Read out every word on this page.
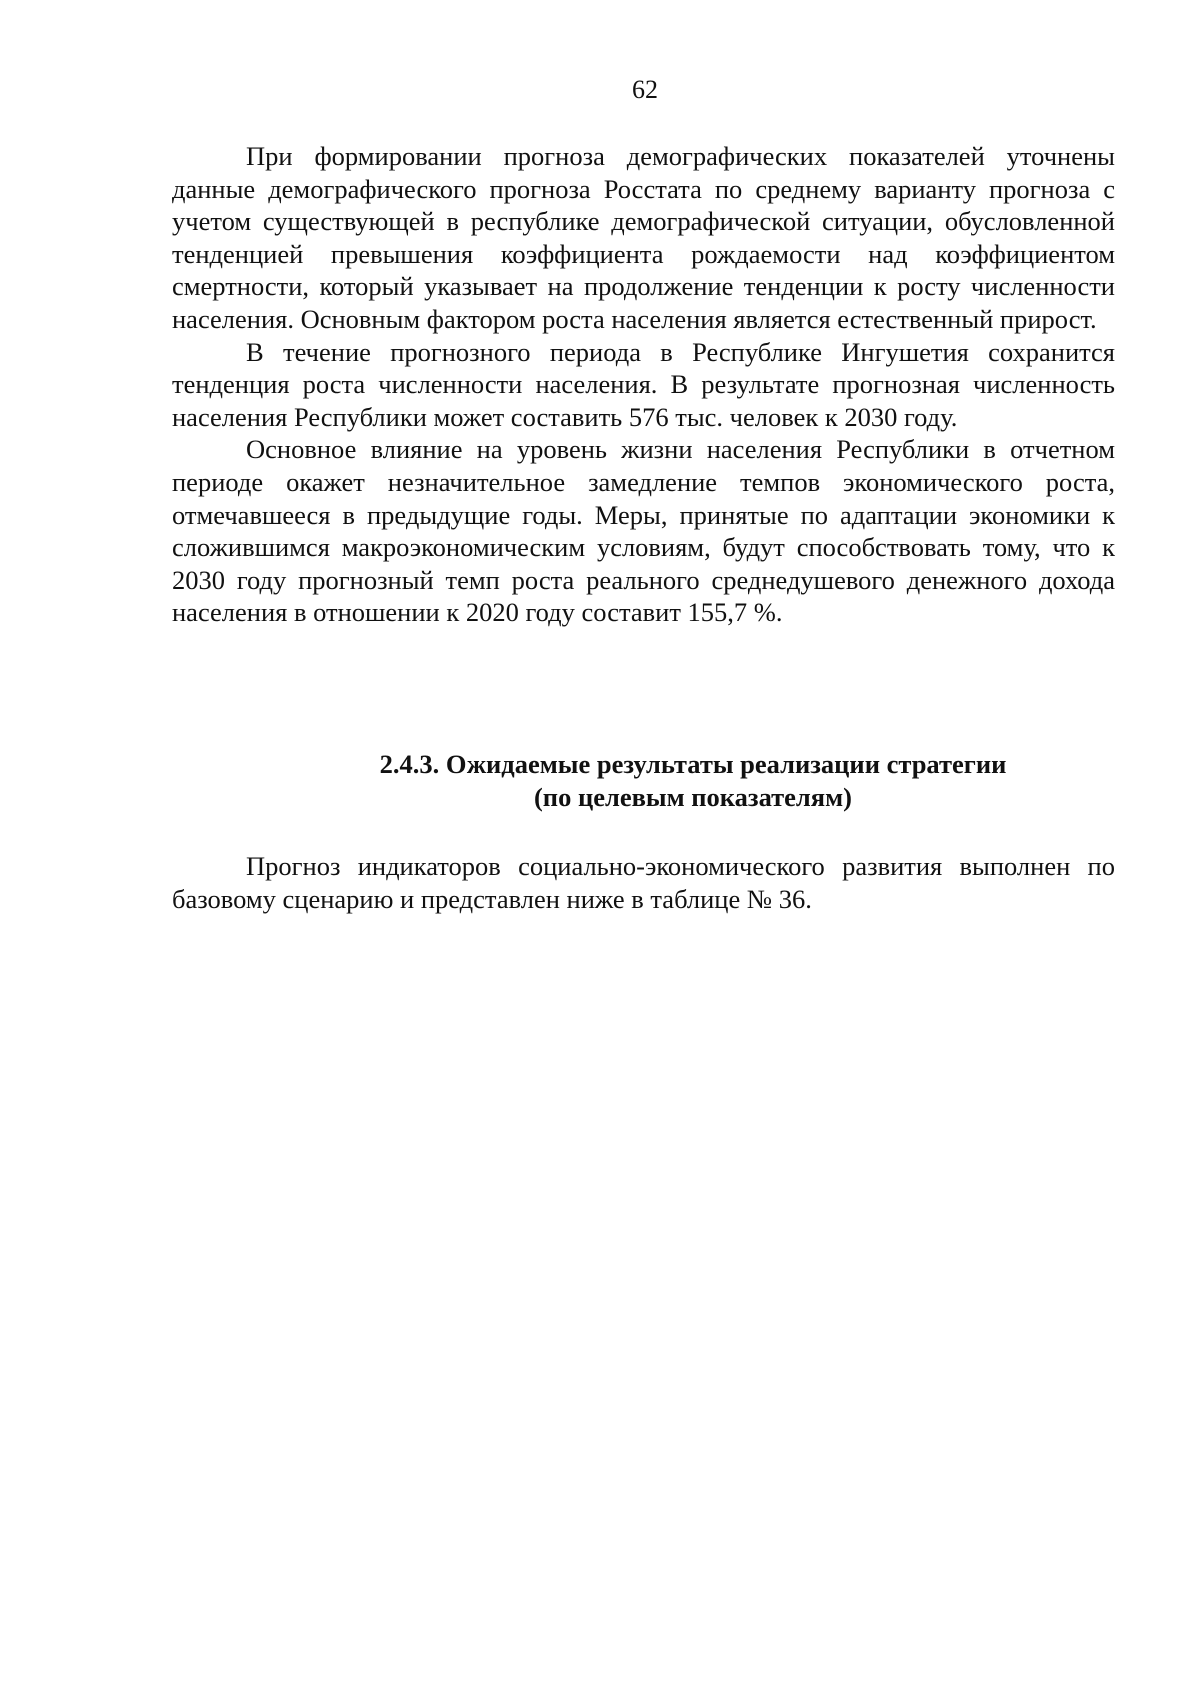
62

При формировании прогноза демографических показателей уточнены данные демографического прогноза Росстата по среднему варианту прогноза с учетом существующей в республике демографической ситуации, обусловленной тенденцией превышения коэффициента рождаемости над коэффициентом смертности, который указывает на продолжение тенденции к росту численности населения. Основным фактором роста населения является естественный прирост.

В течение прогнозного периода в Республике Ингушетия сохранится тенденция роста численности населения. В результате прогнозная численность населения Республики может составить 576 тыс. человек к 2030 году.

Основное влияние на уровень жизни населения Республики в отчетном периоде окажет незначительное замедление темпов экономического роста, отмечавшееся в предыдущие годы. Меры, принятые по адаптации экономики к сложившимся макроэкономическим условиям, будут способствовать тому, что к 2030 году прогнозный темп роста реального среднедушевого денежного дохода населения в отношении к 2020 году составит 155,7 %.

2.4.3. Ожидаемые результаты реализации стратегии
(по целевым показателям)

Прогноз индикаторов социально-экономического развития выполнен по базовому сценарию и представлен ниже в таблице № 36.
